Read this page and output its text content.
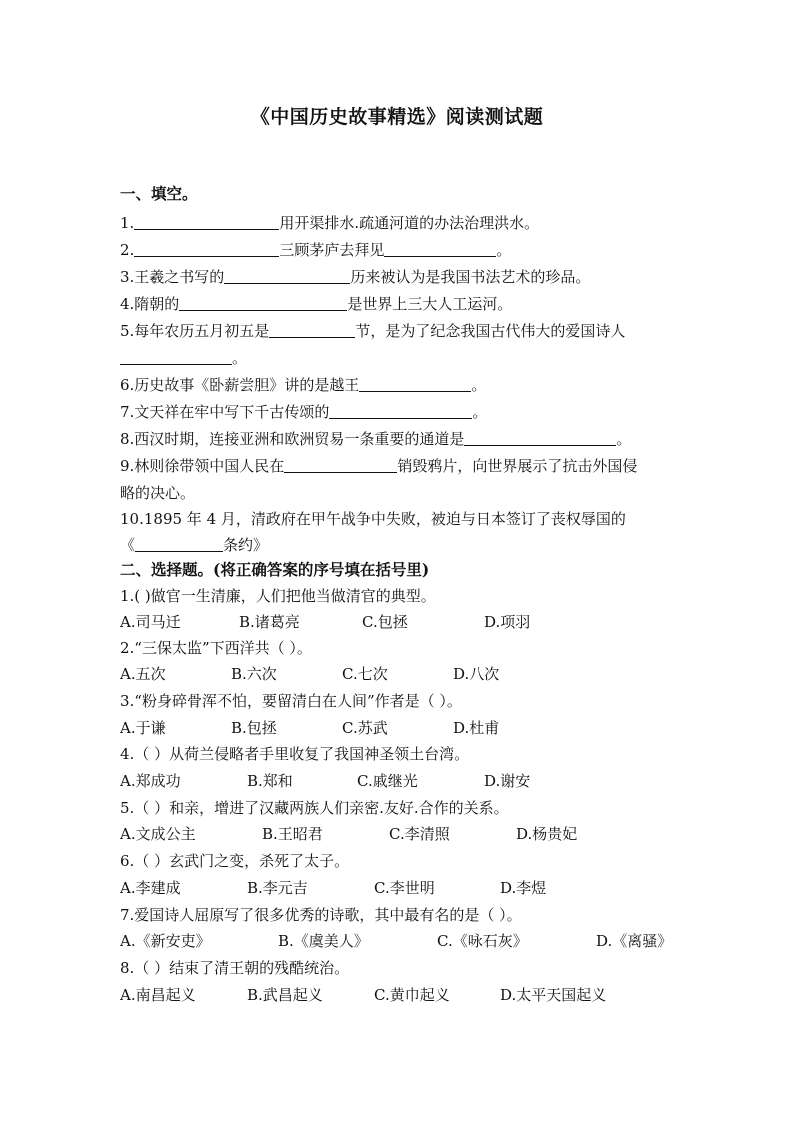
《中国历史故事精选》阅读测试题
一、填空。
1.	用开渠排水.疏通河道的办法治理洪水。
2.	三顾茅庐去拜见	。
3.王羲之书写的	历来被认为是我国书法艺术的珍品。
4.隋朝的	是世界上三大人工运河。
5.每年农历五月初五是	节，是为了纪念我国古代伟大的爱国诗人
。
6.历史故事《卧薪尝胆》讲的是越王	。
7.文天祥在牢中写下千古传颂的	。
8.西汉时期，连接亚洲和欧洲贸易一条重要的通道是	。
9.林则徐带领中国人民在	销毁鸦片，向世界展示了抗击外国侵
略的决心。
10.1895 年 4 月，清政府在甲午战争中失败，被迫与日本签订了丧权辱国的
《	条约》
二、选择题。(将正确答案的序号填在括号里)
1.( )做官一生清廉，人们把他当做清官的典型。
A.司马迁	B.诸葛亮	C.包拯	D.项羽
2.“三保太监”下西洋共（ ）。
A.五次	B.六次	C.七次	D.八次
3.“粉身碎骨浑不怕，要留清白在人间”作者是（ ）。
A.于谦	B.包拯	C.苏武	D.杜甫
4.（ ）从荷兰侵略者手里收复了我国神圣领土台湾。
A.郑成功	B.郑和	C.戚继光	D.谢安
5.（ ）和亲，增进了汉藏两族人们亲密.友好.合作的关系。
A.文成公主	B.王昭君	C.李清照	D.杨贵妃
6.（ ）玄武门之变，杀死了太子。
A.李建成	B.李元吉	C.李世明	D.李煜
7.爱国诗人屈原写了很多优秀的诗歌，其中最有名的是（ ）。
A.《新安吏》	B.《虞美人》	C.《咏石灰》	D.《离骚》
8.（ ）结束了清王朝的残酷统治。
A.南昌起义	B.武昌起义	C.黄巾起义	D.太平天国起义
